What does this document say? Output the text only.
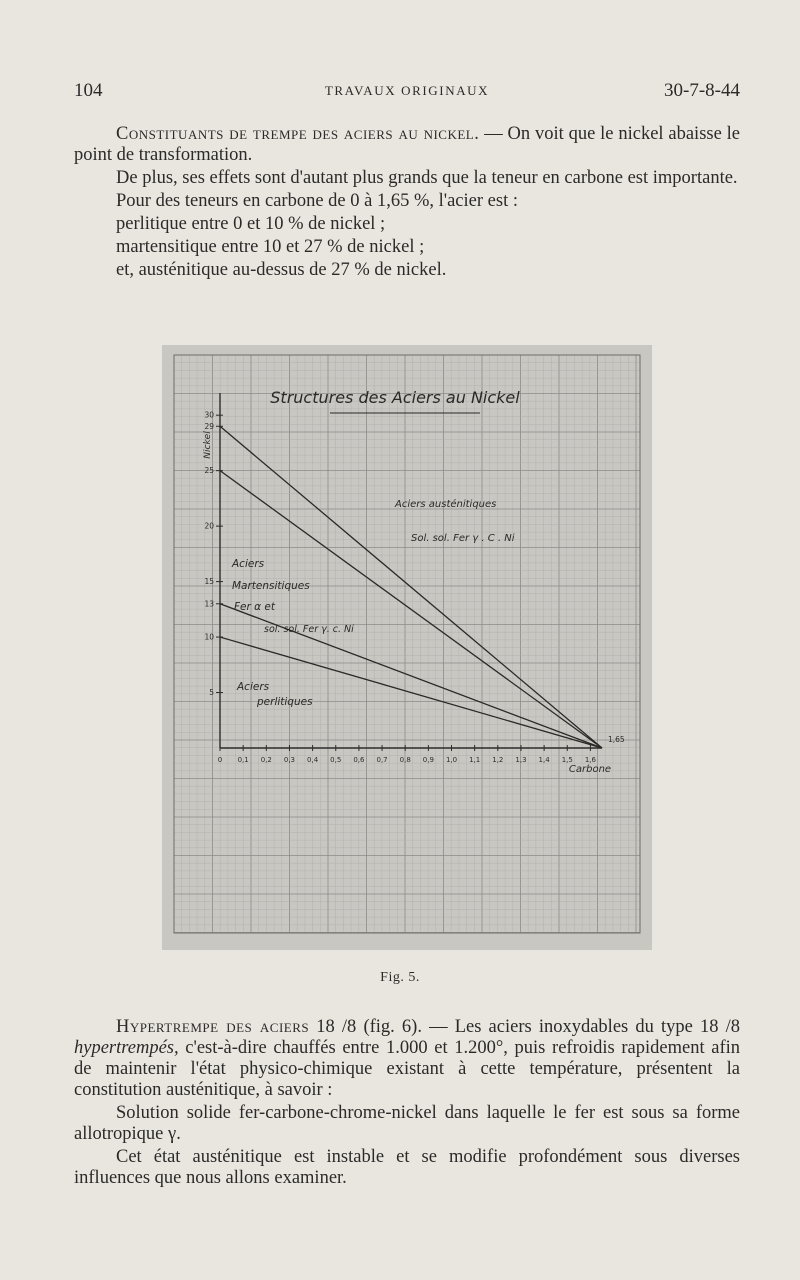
104	TRAVAUX ORIGINAUX	30-7-8-44

Constituants de trempe des aciers au nickel. — On voit que le nickel abaisse le point de transformation.

De plus, ses effets sont d'autant plus grands que la teneur en carbone est importante.

Pour des teneurs en carbone de 0 à 1,65 %, l'acier est :

perlitique entre 0 et 10 % de nickel ;

martensitique entre 10 et 27 % de nickel ;

et, austénitique au-dessus de 27 % de nickel.

0 0,1 0,2 0,3 0,4 0,5 0,6 0,7 0,8 0,9 1,0 1,1 1,2 1,3 1,4 1,5 1,6
1,65
Carbone
5
10
13
15
20
25
29
30
Nickel
Structures des Aciers au Nickel
Aciers austénitiques
Sol. sol. Fer γ . C . Ni
Aciers
Martensitiques
Fer α et
sol. sol. Fer γ. c. Ni
Aciers
perlitiques
Fig. 5.

Hypertrempe des aciers 18 /8 (fig. 6). — Les aciers inoxydables du type 18 /8 hypertrempés, c'est-à-dire chauffés entre 1.000 et 1.200°, puis refroidis rapidement afin de maintenir l'état physico-chimique existant à cette température, présentent la constitution austénitique, à savoir :

Solution solide fer-carbone-chrome-nickel dans laquelle le fer est sous sa forme allotropique γ.

Cet état austénitique est instable et se modifie profondément sous diverses influences que nous allons examiner.
